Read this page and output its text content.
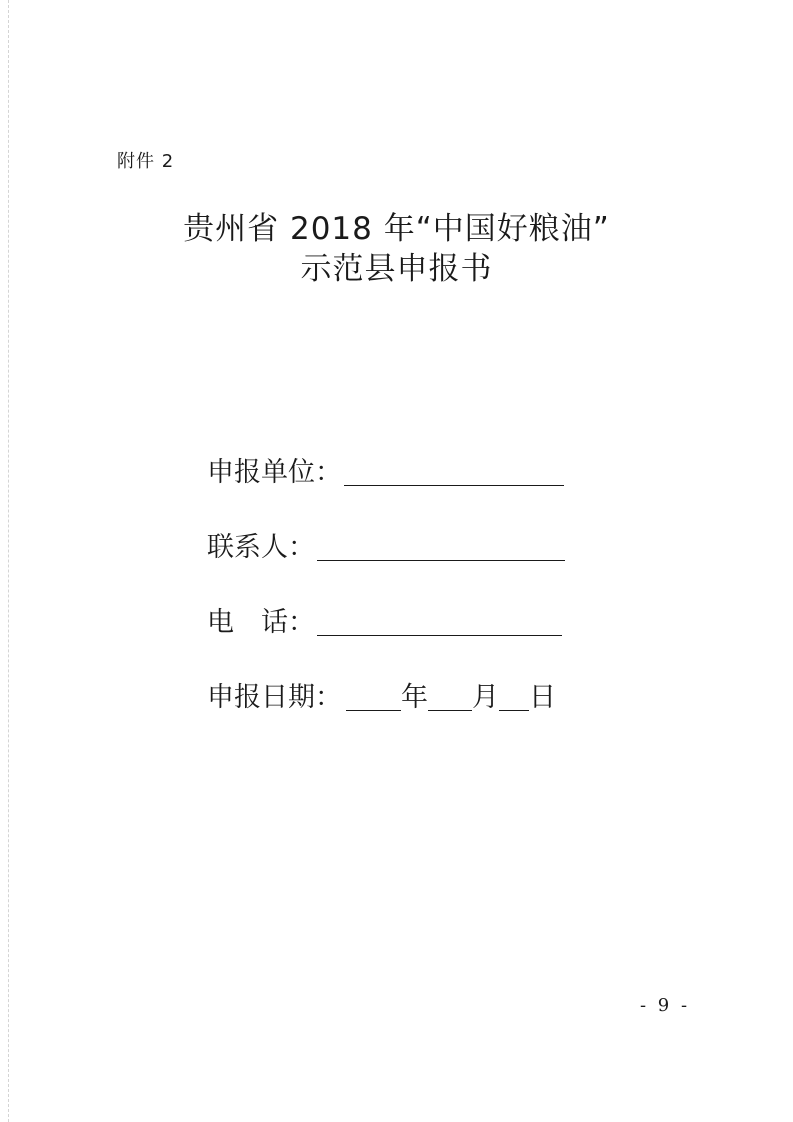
附件 2
贵州省 2018 年“中国好粮油”
示范县申报书
申报单位：
联系人：
电　话：
申报日期： 年 月 日
- 9 -
